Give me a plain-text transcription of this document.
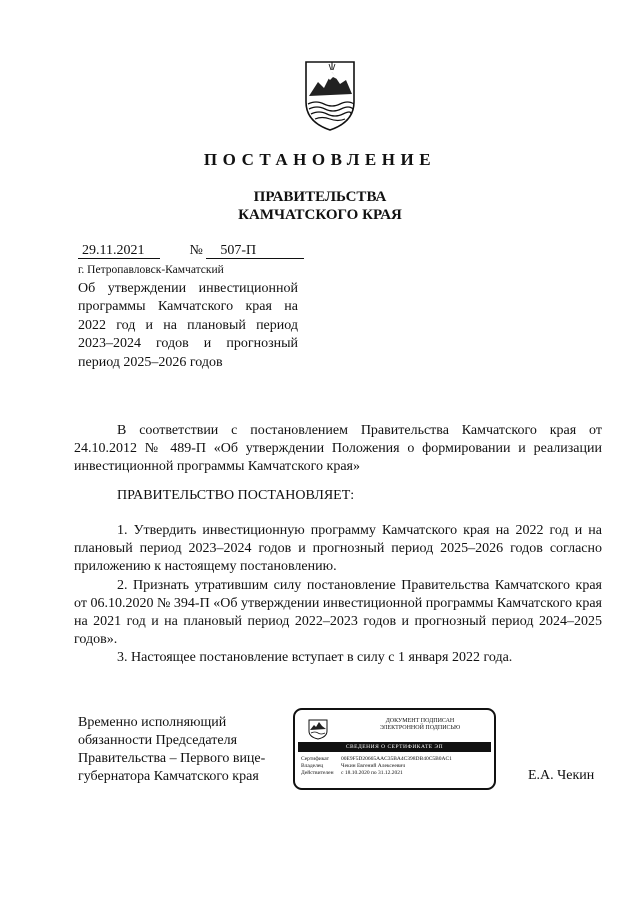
ПОСТАНОВЛЕНИЕ
ПРАВИТЕЛЬСТВА
КАМЧАТСКОГО КРАЯ
29.11.2021	№ 507-П
г. Петропавловск-Камчатский
Об утверждении инвестиционной программы Камчатского края на 2022 год и на плановый период 2023–2024 годов и прогнозный период 2025–2026 годов
В соответствии с постановлением Правительства Камчатского края от 24.10.2012 № 489-П «Об утверждении Положения о формировании и реализации инвестиционной программы Камчатского края»
ПРАВИТЕЛЬСТВО ПОСТАНОВЛЯЕТ:
1. Утвердить инвестиционную программу Камчатского края на 2022 год и на плановый период 2023–2024 годов и прогнозный период 2025–2026 годов согласно приложению к настоящему постановлению.
2. Признать утратившим силу постановление Правительства Камчатского края от 06.10.2020 № 394-П «Об утверждении инвестиционной программы Камчатского края на 2021 год и на плановый период 2022–2023 годов и прогнозный период 2024–2025 годов».
3. Настоящее постановление вступает в силу с 1 января 2022 года.
Временно исполняющий
обязанности Председателя
Правительства – Первого вице-
губернатора Камчатского края
ДОКУМЕНТ ПОДПИСАН
ЭЛЕКТРОННОЙ ПОДПИСЬЮ
СВЕДЕНИЯ О СЕРТИФИКАТЕ ЭП
Сертификат	00E9F5D20665AAC35BA4C398DB40C5B0AC1
Владелец	Чекин Евгений Алексеевич
Действителен	с 18.10.2020 по 31.12.2021	Е.А. Чекин
